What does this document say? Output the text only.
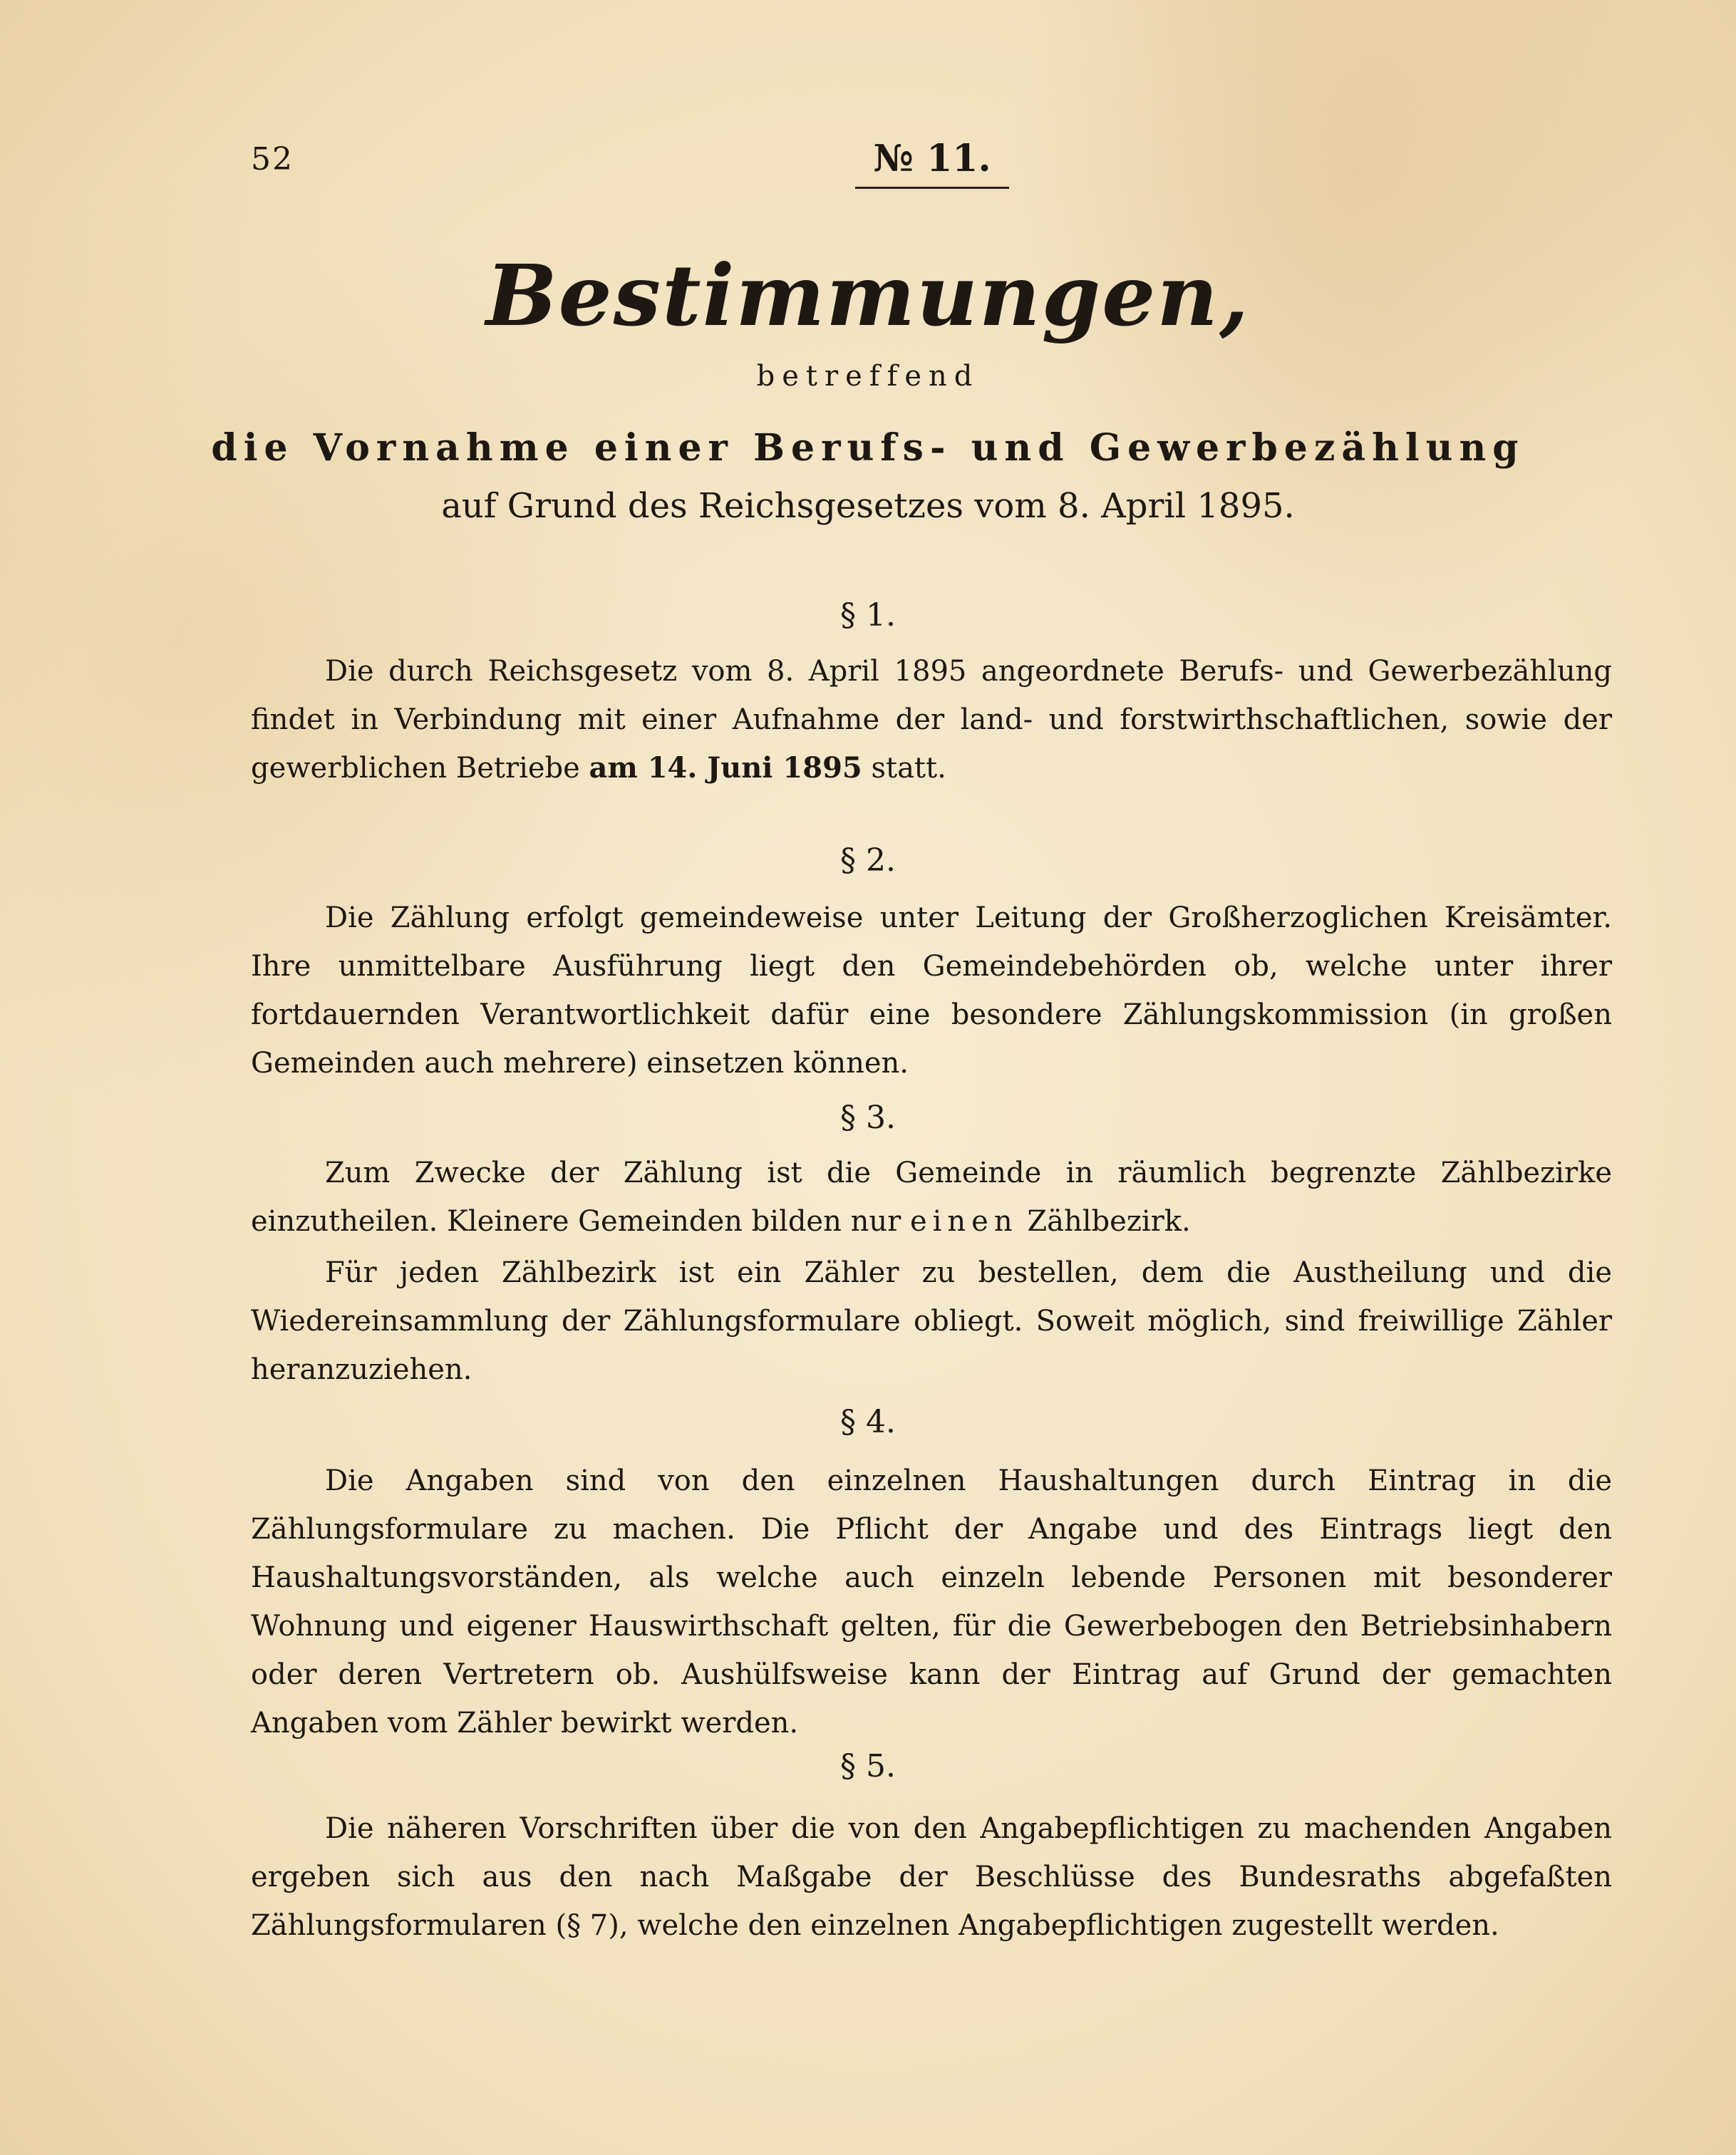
52	№ 11.
Bestimmungen,
betreffend
die Vornahme einer Berufs- und Gewerbezählung
auf Grund des Reichsgesetzes vom 8. April 1895.
§ 1.

Die durch Reichsgesetz vom 8. April 1895 angeordnete Berufs- und Gewerbezählung findet in Verbindung mit einer Aufnahme der land- und forstwirthschaftlichen, sowie der gewerblichen Betriebe am 14. Juni 1895 statt.

§ 2.

Die Zählung erfolgt gemeindeweise unter Leitung der Großherzoglichen Kreisämter. Ihre unmittelbare Ausführung liegt den Gemeindebehörden ob, welche unter ihrer fortdauernden Verantwortlichkeit dafür eine besondere Zählungskommission (in großen Gemeinden auch mehrere) einsetzen können.

§ 3.

Zum Zwecke der Zählung ist die Gemeinde in räumlich begrenzte Zählbezirke einzutheilen. Kleinere Gemeinden bilden nur einen Zählbezirk.

Für jeden Zählbezirk ist ein Zähler zu bestellen, dem die Austheilung und die Wiedereinsammlung der Zählungsformulare obliegt. Soweit möglich, sind freiwillige Zähler heranzuziehen.

§ 4.

Die Angaben sind von den einzelnen Haushaltungen durch Eintrag in die Zählungsformulare zu machen. Die Pflicht der Angabe und des Eintrags liegt den Haushaltungsvorständen, als welche auch einzeln lebende Personen mit besonderer Wohnung und eigener Hauswirthschaft gelten, für die Gewerbebogen den Betriebsinhabern oder deren Vertretern ob. Aushülfsweise kann der Eintrag auf Grund der gemachten Angaben vom Zähler bewirkt werden.

§ 5.

Die näheren Vorschriften über die von den Angabepflichtigen zu machenden Angaben ergeben sich aus den nach Maßgabe der Beschlüsse des Bundesraths abgefaßten Zählungsformularen (§ 7), welche den einzelnen Angabepflichtigen zugestellt werden.
